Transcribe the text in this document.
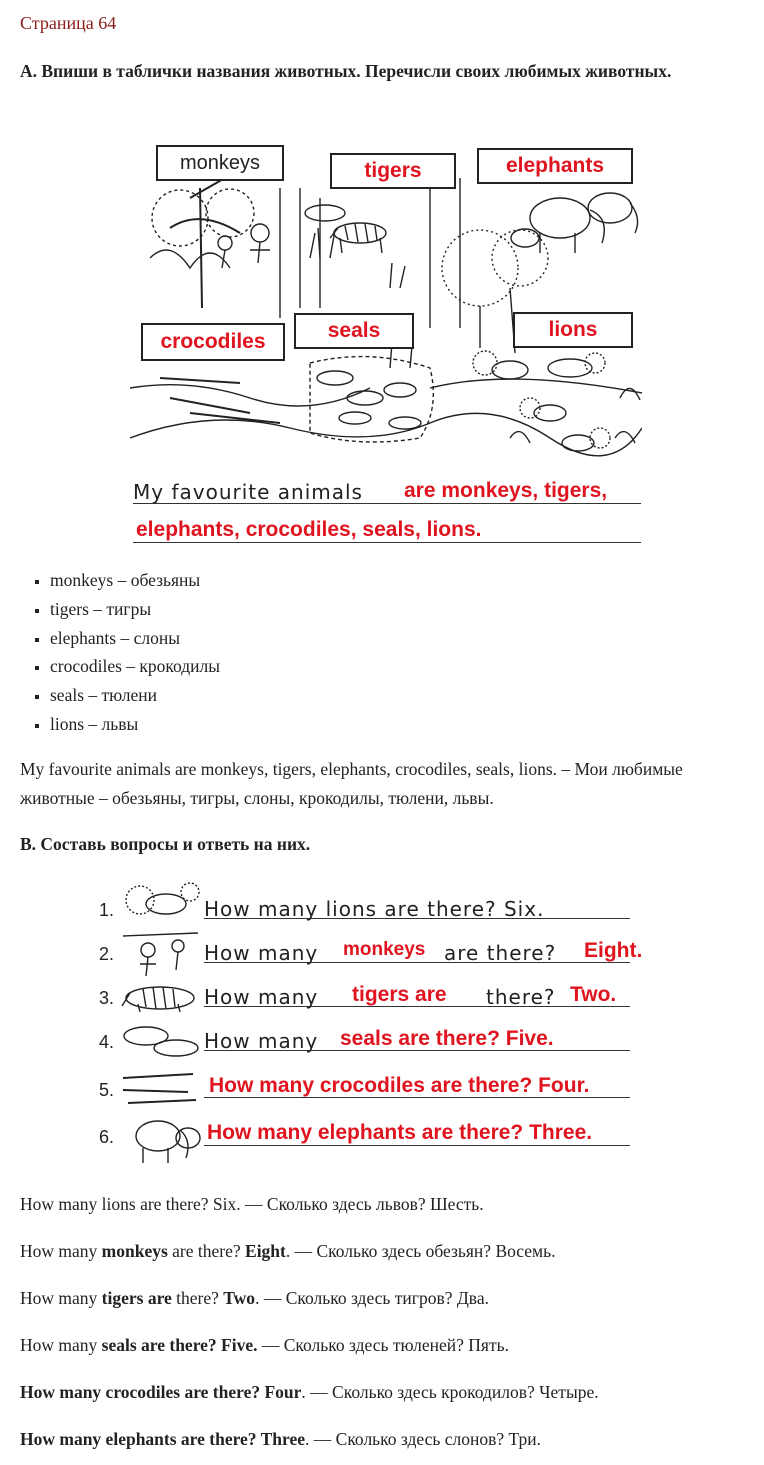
Страница 64
A. Впиши в таблички названия животных. Перечисли своих любимых животных.
monkeys	tigers	elephants
crocodiles	seals	lions
My favourite animals are monkeys, tigers,
elephants, crocodiles, seals, lions.
▪ monkeys – обезьяны
▪ tigers – тигры
▪ elephants – слоны
▪ crocodiles – крокодилы
▪ seals – тюлени
▪ lions – львы
My favourite animals are monkeys, tigers, elephants, crocodiles, seals, lions. – Мои любимые животные – обезьяны, тигры, слоны, крокодилы, тюлени, львы.
B. Составь вопросы и ответь на них.
1.
2.
3.
4.
5.
6.
How many lions are there? Six.
How many monkeys are there? Eight.
How many tigers are there? Two.
How many seals are there? Five.
How many crocodiles are there? Four.
How many elephants are there? Three.
How many lions are there? Six. — Сколько здесь львов? Шесть.
How many monkeys are there? Eight. — Сколько здесь обезьян? Восемь.
How many tigers are there? Two. — Сколько здесь тигров? Два.
How many seals are there? Five. — Сколько здесь тюленей? Пять.
How many crocodiles are there? Four. — Сколько здесь крокодилов? Четыре.
How many elephants are there? Three. — Сколько здесь слонов? Три.
